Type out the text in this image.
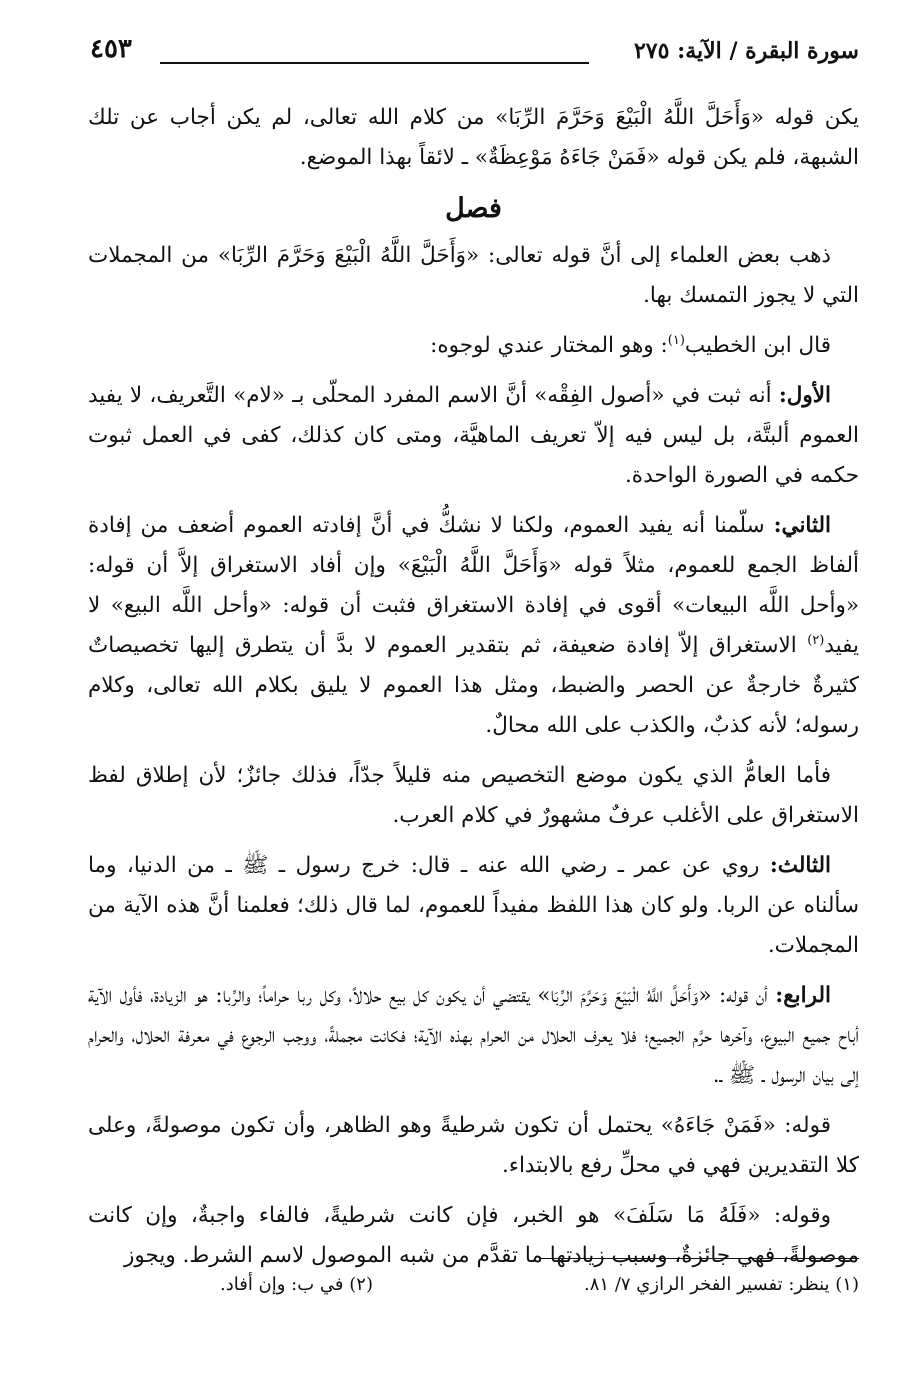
سورة البقرة / الآية: ٢٧٥
٤٥٣

يكن قوله «وَأَحَلَّ اللَّهُ الْبَيْعَ وَحَرَّمَ الرِّبَا» من كلام الله تعالى، لم يكن أجاب عن تلك الشبهة، فلم يكن قوله «فَمَنْ جَاءَهُ مَوْعِظَةٌ» ـ لائقاً بهذا الموضع.

فصل

ذهب بعض العلماء إلى أنَّ قوله تعالى: «وَأَحَلَّ اللَّهُ الْبَيْعَ وَحَرَّمَ الرِّبَا» من المجملات التي لا يجوز التمسك بها.

قال ابن الخطيب$^{(١)}$: وهو المختار عندي لوجوه:

الأول: أنه ثبت في «أصول الفِقْه» أنَّ الاسم المفرد المحلّى بـ «لام» التَّعريف، لا يفيد العموم ألبتَّة، بل ليس فيه إلاّ تعريف الماهيَّة، ومتى كان كذلك، كفى في العمل ثبوت حكمه في الصورة الواحدة.

الثاني: سلّمنا أنه يفيد العموم، ولكنا لا نشكُّ في أنَّ إفادته العموم أضعف من إفادة ألفاظ الجمع للعموم، مثلاً قوله «وَأَحَلَّ اللَّهُ الْبَيْعَ» وإن أفاد الاستغراق إلاَّ أن قوله: «وأحل اللَّه البيعات» أقوى في إفادة الاستغراق فثبت أن قوله: «وأحل اللَّه البيع» لا يفيد$^{(٢)}$ الاستغراق إلاّ إفادة ضعيفة، ثم بتقدير العموم لا بدَّ أن يتطرق إليها تخصيصاتٌ كثيرةٌ خارجةٌ عن الحصر والضبط، ومثل هذا العموم لا يليق بكلام الله تعالى، وكلام رسوله؛ لأنه كذبٌ، والكذب على الله محالٌ.

فأما العامُّ الذي يكون موضع التخصيص منه قليلاً جدّاً، فذلك جائزٌ؛ لأن إطلاق لفظ الاستغراق على الأغلب عرفٌ مشهورٌ في كلام العرب.

الثالث: روي عن عمر ـ رضي الله عنه ـ قال: خرج رسول ـ ﷺ ـ من الدنيا، وما سألناه عن الربا. ولو كان هذا اللفظ مفيداً للعموم، لما قال ذلك؛ فعلمنا أنَّ هذه الآية من المجملات.

الرابع: أن قوله: «وَأَحَلَّ اللَّهُ الْبَيْعَ وَحَرَّمَ الرِّبَا» يقتضي أن يكون كل بيع حلالاً، وكل ربا حراماً؛ والرِّبا: هو الزيادة، فأول الآية أباح جميع البيوع، وآخرها حرَّم الجميع؛ فلا يعرف الحلال من الحرام بهذه الآية؛ فكانت مجملةً، ووجب الرجوع في معرفة الحلال، والحرام إلى بيان الرسول ـ ﷺ ـ.

قوله: «فَمَنْ جَاءَهُ» يحتمل أن تكون شرطيةً وهو الظاهر، وأن تكون موصولةً، وعلى كلا التقديرين فهي في محلِّ رفع بالابتداء.

وقوله: «فَلَهُ مَا سَلَفَ» هو الخبر، فإن كانت شرطيةً، فالفاء واجبةٌ، وإن كانت موصولةً، فهي جائزةٌ، وسبب زيادتها ما تقدَّم من شبه الموصول لاسم الشرط. ويجوز

(١) ينظر: تفسير الفخر الرازي ٧/ ٨١.
(٢) في ب: وإن أفاد.
